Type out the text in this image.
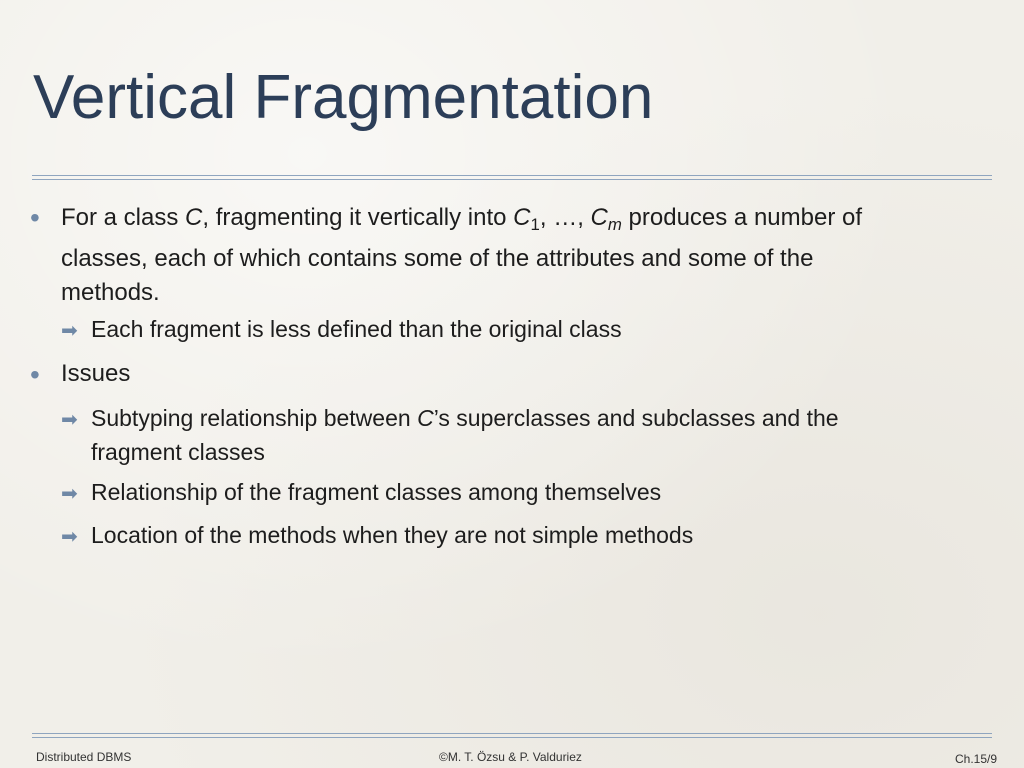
Vertical Fragmentation
• For a class C, fragmenting it vertically into $C_1$, …, $C_m$ produces a number of
classes, each of which contains some of the attributes and some of the
methods.
➡ Each fragment is less defined than the original class
• Issues
➡ Subtyping relationship between C’s superclasses and subclasses and the
fragment classes
➡ Relationship of the fragment classes among themselves
➡ Location of the methods when they are not simple methods
Distributed DBMS	©M. T. Özsu & P. Valduriez	Ch.15/9
